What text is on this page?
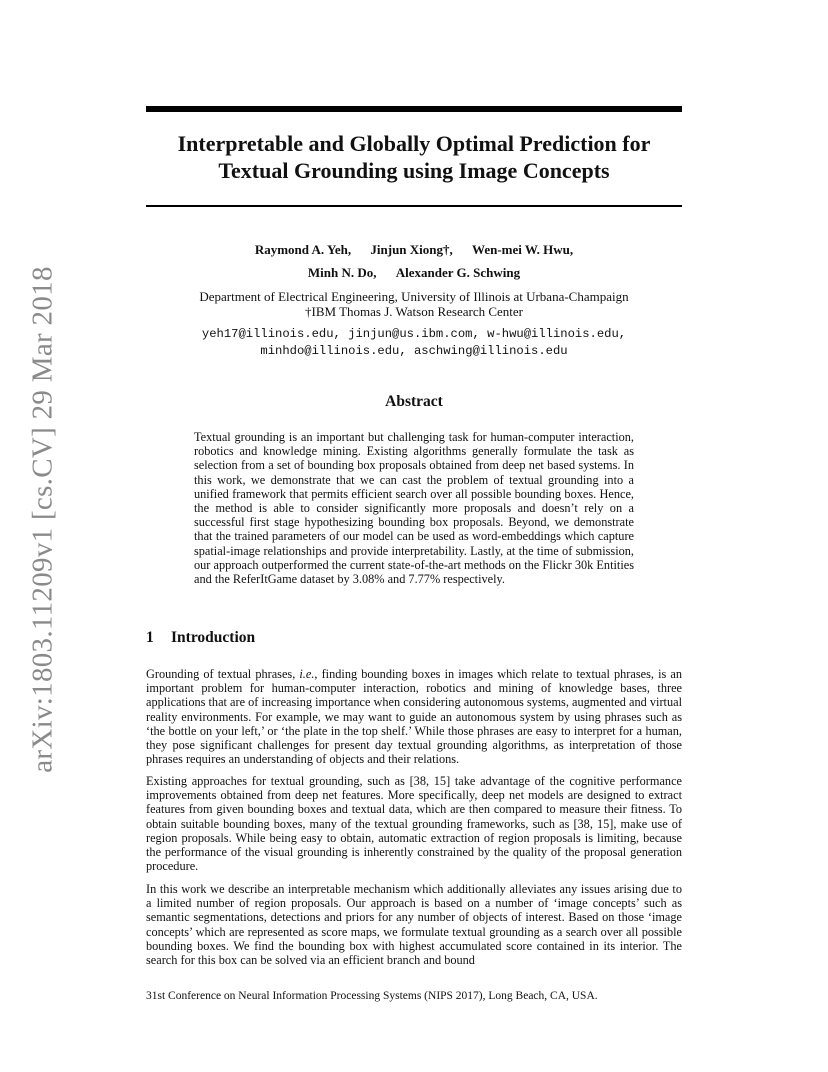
arXiv:1803.11209v1 [cs.CV] 29 Mar 2018
Interpretable and Globally Optimal Prediction for
Textual Grounding using Image Concepts
Raymond A. Yeh, Jinjun Xiong†, Wen-mei W. Hwu,
Minh N. Do, Alexander G. Schwing
Department of Electrical Engineering, University of Illinois at Urbana-Champaign
†IBM Thomas J. Watson Research Center
yeh17@illinois.edu, jinjun@us.ibm.com, w-hwu@illinois.edu,
minhdo@illinois.edu, aschwing@illinois.edu
Abstract

Textual grounding is an important but challenging task for human-computer interaction, robotics and knowledge mining. Existing algorithms generally formulate the task as selection from a set of bounding box proposals obtained from deep net based systems. In this work, we demonstrate that we can cast the problem of textual grounding into a unified framework that permits efficient search over all possible bounding boxes. Hence, the method is able to consider significantly more proposals and doesn’t rely on a successful first stage hypothesizing bounding box proposals. Beyond, we demonstrate that the trained parameters of our model can be used as word-embeddings which capture spatial-image relationships and provide interpretability. Lastly, at the time of submission, our approach outperformed the current state-of-the-art methods on the Flickr 30k Entities and the ReferItGame dataset by 3.08% and 7.77% respectively.

1 Introduction

Grounding of textual phrases, i.e., finding bounding boxes in images which relate to textual phrases, is an important problem for human-computer interaction, robotics and mining of knowledge bases, three applications that are of increasing importance when considering autonomous systems, augmented and virtual reality environments. For example, we may want to guide an autonomous system by using phrases such as ‘the bottle on your left,’ or ‘the plate in the top shelf.’ While those phrases are easy to interpret for a human, they pose significant challenges for present day textual grounding algorithms, as interpretation of those phrases requires an understanding of objects and their relations.

Existing approaches for textual grounding, such as [38, 15] take advantage of the cognitive performance improvements obtained from deep net features. More specifically, deep net models are designed to extract features from given bounding boxes and textual data, which are then compared to measure their fitness. To obtain suitable bounding boxes, many of the textual grounding frameworks, such as [38, 15], make use of region proposals. While being easy to obtain, automatic extraction of region proposals is limiting, because the performance of the visual grounding is inherently constrained by the quality of the proposal generation procedure.

In this work we describe an interpretable mechanism which additionally alleviates any issues arising due to a limited number of region proposals. Our approach is based on a number of ‘image concepts’ such as semantic segmentations, detections and priors for any number of objects of interest. Based on those ‘image concepts’ which are represented as score maps, we formulate textual grounding as a search over all possible bounding boxes. We find the bounding box with highest accumulated score contained in its interior. The search for this box can be solved via an efficient branch and bound

31st Conference on Neural Information Processing Systems (NIPS 2017), Long Beach, CA, USA.
